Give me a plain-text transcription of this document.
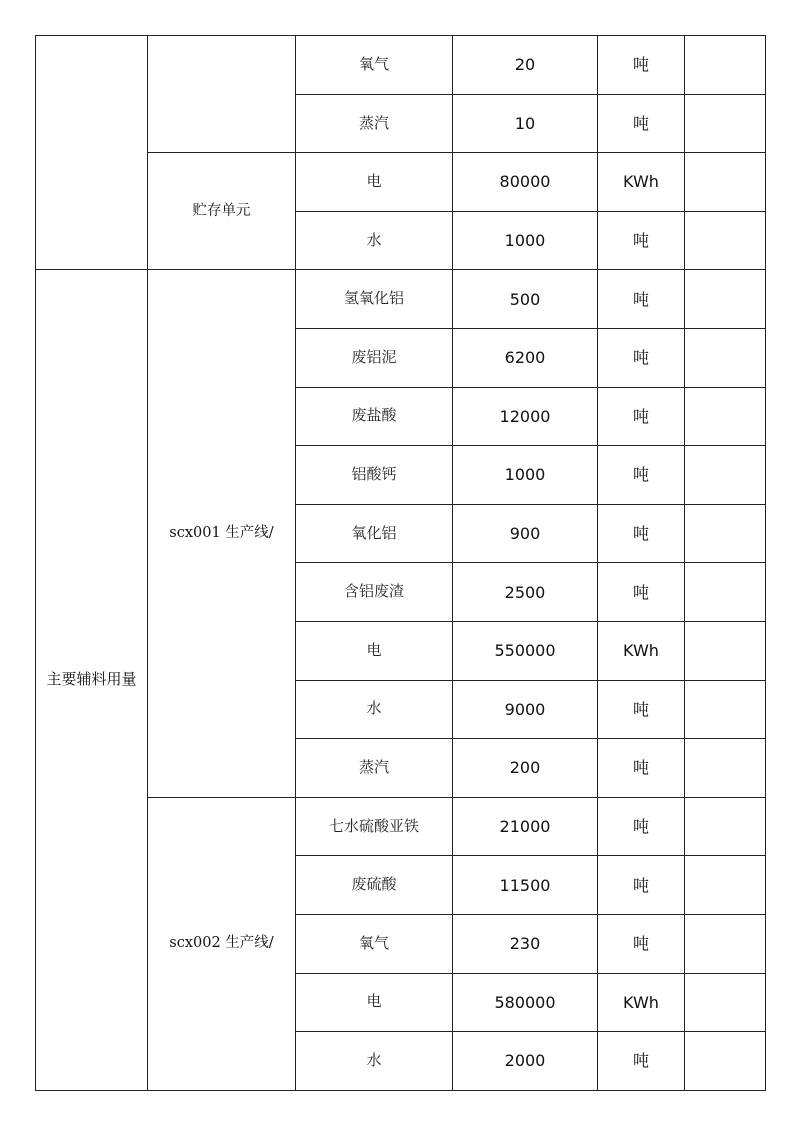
		氧气	20	吨	
		蒸汽	10	吨	
	贮存单元	电	80000	KWh	
		水	1000	吨	
主要辅料用量	scx001 生产线/	氢氧化铝	500	吨	
		废铝泥	6200	吨	
		废盐酸	12000	吨	
		铝酸钙	1000	吨	
		氧化铝	900	吨	
		含铝废渣	2500	吨	
		电	550000	KWh	
		水	9000	吨	
		蒸汽	200	吨	
	scx002 生产线/	七水硫酸亚铁	21000	吨	
		废硫酸	11500	吨	
		氧气	230	吨	
		电	580000	KWh	
		水	2000	吨	
